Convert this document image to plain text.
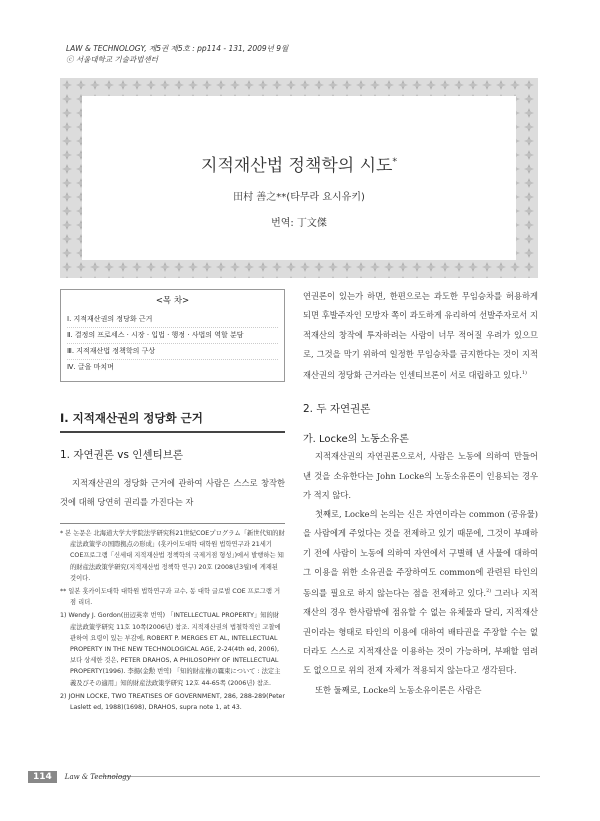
LAW & TECHNOLOGY, 제5권 제5호 : pp114 - 131, 2009년 9월
ⓒ 서울대학교 기술과법센터
지적재산법 정책학의 시도*
田村 善之**(타무라 요시유키)
번역: 丁文傑
<목 차>
Ⅰ. 지적재산권의 정당화 근거
Ⅱ. 결정의 프로세스 · 시장 · 입법 · 행정 · 사법의 역할 분담
Ⅲ. 지적재산법 정책학의 구상
Ⅳ. 글을 마치며
Ⅰ. 지적재산권의 정당화 근거
1. 자연권론 vs 인센티브론

지적재산권의 정당화 근거에 관하여 사람은 스스로 창작한 것에 대해 당연히 권리를 가진다는 자

* 본 논문은 北海道大学大学院法学研究科21世紀COEプログラム「新世代知的財産法政策学の国際拠点の形成」(홋카이도대학 대학원 법학연구과 21세기COE프로그램「신세대 지적재산법 정책학의 국제거점 형성」)에서 발행하는 知的財産法政策学研究(지적재산법 정책학 연구) 20호 (2008년3월)에 게재된 것이다.

** 일본 홋카이도대학 대학원 법학연구과 교수, 동 대학 글로벌 COE 프로그램 거점 리더.

1) Wendy J. Gordon(田辺英幸 번역) 「INTELLECTUAL PROPERTY」知的財産法政策学研究 11호 10쪽(2006년) 참조. 지적재산권의 법철학적인 고찰에 관하여 요령이 있는 부감에, ROBERT P. MERGES ET AL, INTELLECTUAL PROPERTY IN THE NEW TECHNOLOGICAL AGE, 2-24(4th ed, 2006), 보다 상세한 것은, PETER DRAHOS, A PHILOSOPHY OF INTELLECTUAL PROPERTY(1996). 李揚(金勲 번역) 「知的財産権の羈束について : 法定主義及びその適用」知的財産法政策学研究 12호 44-65쪽 (2006년) 참조.

2) JOHN LOCKE, TWO TREATISES OF GOVERNMENT, 286, 288-289(Peter Laslett ed, 1988)(1698), DRAHOS, supra note 1, at 43.

연권론이 있는가 하면, 한편으로는 과도한 무임승차를 허용하게 되면 후발주자인 모방자 쪽이 과도하게 유리하여 선발주자로서 지적재산의 창작에 투자하려는 사람이 너무 적어질 우려가 있으므로, 그것을 막기 위하여 일정한 무임승차를 금지한다는 것이 지적재산권의 정당화 근거라는 인센티브론이 서로 대립하고 있다.$^{1)}$

2. 두 자연권론
가. Locke의 노동소유론

지적재산권의 자연권론으로서, 사람은 노동에 의하여 만들어 낸 것을 소유한다는 John Locke의 노동소유론이 인용되는 경우가 적지 않다.

첫째로, Locke의 논의는 신은 자연이라는 common (공유물)을 사람에게 주었다는 것을 전제하고 있기 때문에, 그것이 부패하기 전에 사람이 노동에 의하여 자연에서 구별해 낸 사물에 대하여 그 이용을 위한 소유권을 주장하여도 common에 관련된 타인의 동의를 필요로 하지 않는다는 점을 전제하고 있다.$^{2)}$ 그러나 지적재산의 경우 한사람밖에 점유할 수 없는 유체물과 달리, 지적재산권이라는 형태로 타인의 이용에 대하여 배타권을 주장할 수는 없더라도 스스로 지적재산을 이용하는 것이 가능하며, 부패할 염려도 없으므로 위의 전제 자체가 적용되지 않는다고 생각된다.

또한 둘째로, Locke의 노동소유이론은 사람은

114	Law & Technology
